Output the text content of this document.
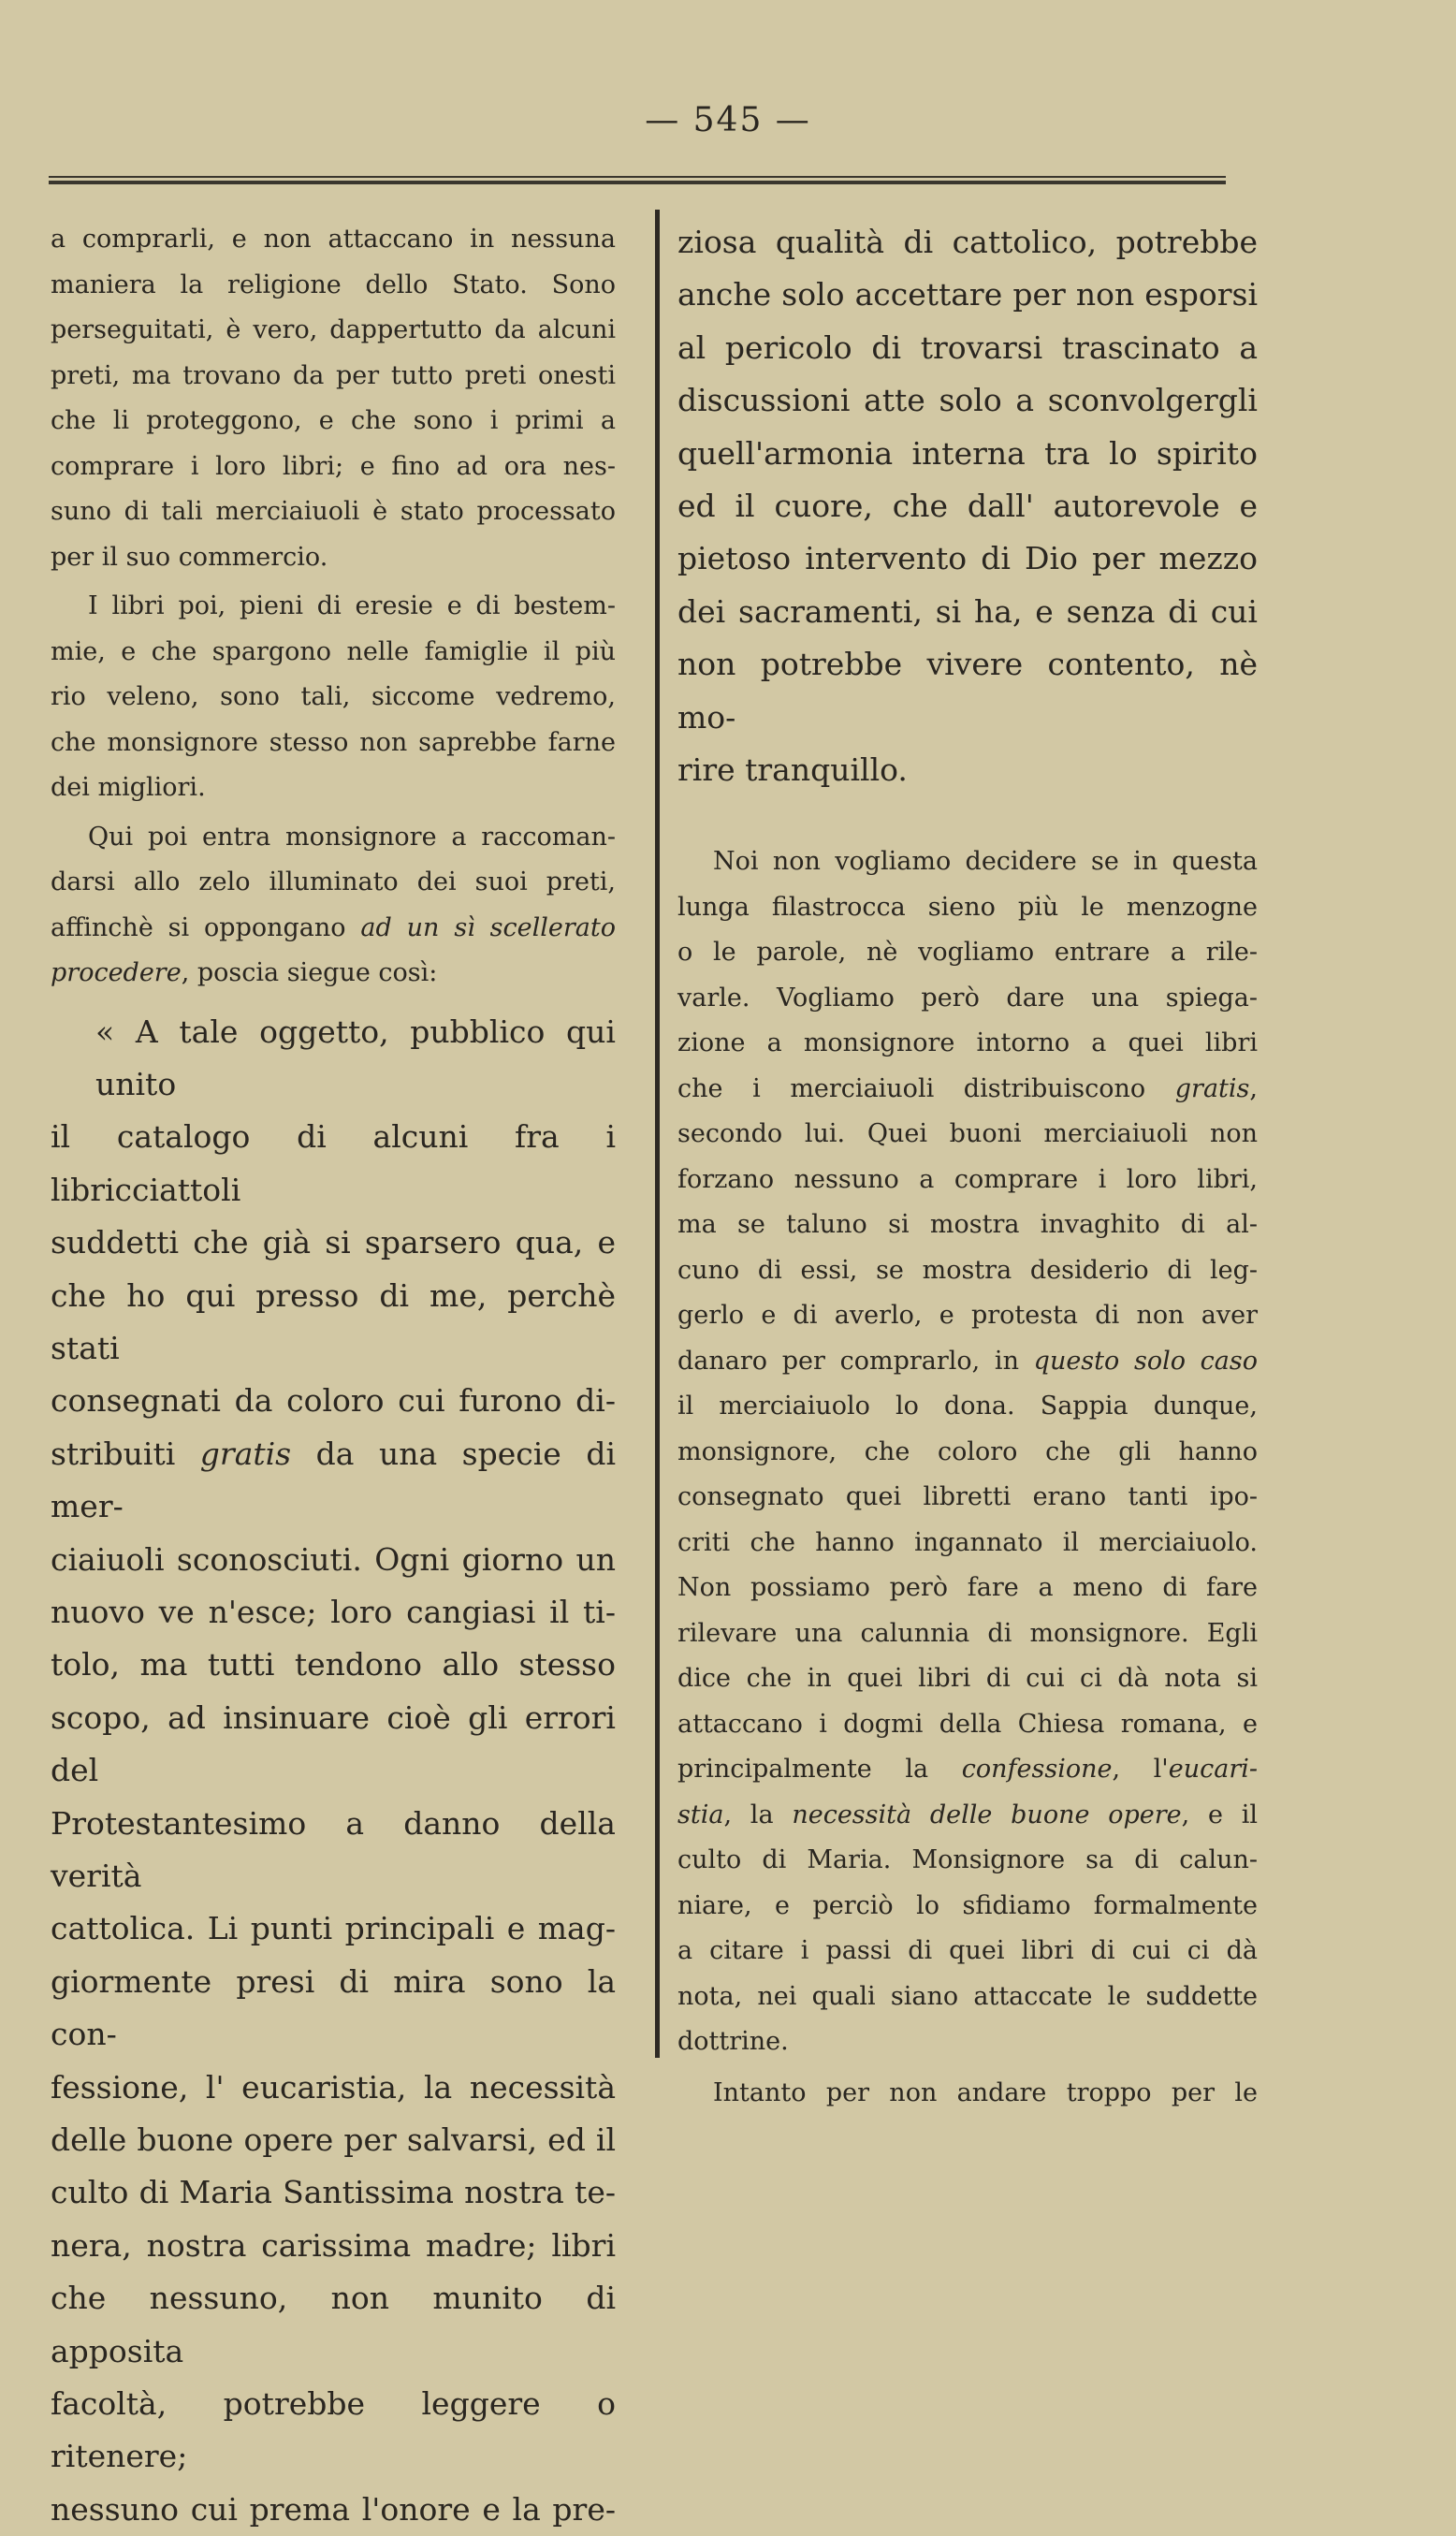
— 545 —

a comprarli, e non attaccano in nessuna
maniera la religione dello Stato. Sono
perseguitati, è vero, dappertutto da alcuni
preti, ma trovano da per tutto preti onesti
che li proteggono, e che sono i primi a
comprare i loro libri; e fino ad ora nes-
suno di tali merciaiuoli è stato processato
per il suo commercio.

I libri poi, pieni di eresie e di bestem-
mie, e che spargono nelle famiglie il più
rio veleno, sono tali, siccome vedremo,
che monsignore stesso non saprebbe farne
dei migliori.

Qui poi entra monsignore a raccoman-
darsi allo zelo illuminato dei suoi preti,
affinchè si oppongano ad un sì scellerato
procedere, poscia siegue così:

« A tale oggetto, pubblico qui unito
il catalogo di alcuni fra i libricciattoli
suddetti che già si sparsero qua, e
che ho qui presso di me, perchè stati
consegnati da coloro cui furono di-
stribuiti gratis da una specie di mer-
ciaiuoli sconosciuti. Ogni giorno un
nuovo ve n'esce; loro cangiasi il ti-
tolo, ma tutti tendono allo stesso
scopo, ad insinuare cioè gli errori del
Protestantesimo a danno della verità
cattolica. Li punti principali e mag-
giormente presi di mira sono la con-
fessione, l' eucaristia, la necessità
delle buone opere per salvarsi, ed il
culto di Maria Santissima nostra te-
nera, nostra carissima madre; libri
che nessuno, non munito di apposita
facoltà, potrebbe leggere o ritenere;
nessuno cui prema l'onore e la pre-

ziosa qualità di cattolico, potrebbe
anche solo accettare per non esporsi
al pericolo di trovarsi trascinato a
discussioni atte solo a sconvolgergli
quell'armonia interna tra lo spirito
ed il cuore, che dall' autorevole e
pietoso intervento di Dio per mezzo
dei sacramenti, si ha, e senza di cui
non potrebbe vivere contento, nè mo-
rire tranquillo.

Noi non vogliamo decidere se in questa
lunga filastrocca sieno più le menzogne
o le parole, nè vogliamo entrare a rile-
varle. Vogliamo però dare una spiega-
zione a monsignore intorno a quei libri
che i merciaiuoli distribuiscono gratis,
secondo lui. Quei buoni merciaiuoli non
forzano nessuno a comprare i loro libri,
ma se taluno si mostra invaghito di al-
cuno di essi, se mostra desiderio di leg-
gerlo e di averlo, e protesta di non aver
danaro per comprarlo, in questo solo caso
il merciaiuolo lo dona. Sappia dunque,
monsignore, che coloro che gli hanno
consegnato quei libretti erano tanti ipo-
criti che hanno ingannato il merciaiuolo.
Non possiamo però fare a meno di fare
rilevare una calunnia di monsignore. Egli
dice che in quei libri di cui ci dà nota si
attaccano i dogmi della Chiesa romana, e
principalmente la confessione, l'eucari-
stia, la necessità delle buone opere, e il
culto di Maria. Monsignore sa di calun-
niare, e perciò lo sfidiamo formalmente
a citare i passi di quei libri di cui ci dà
nota, nei quali siano attaccate le suddette
dottrine.

Intanto per non andare troppo per le
